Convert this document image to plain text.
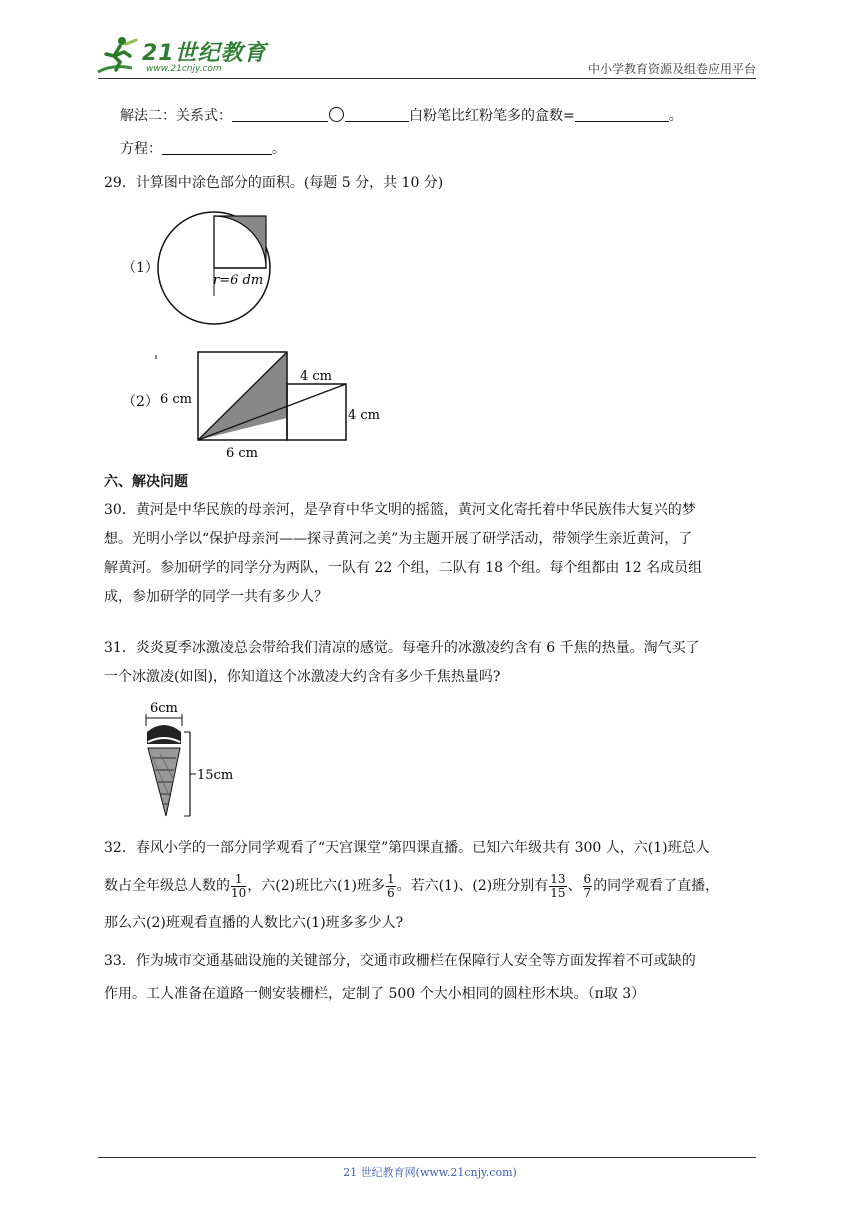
21世纪教育
www.21cnjy.com	中小学教育资源及组卷应用平台
解法二：关系式：	白粉笔比红粉笔多的盒数=	。
方程：	。
29．计算图中涂色部分的面积。(每题 5 分，共 10 分)
（1）
r=6 dm
（2） 6 cm
6 cm
4 cm
4 cm
六、解决问题
30．黄河是中华民族的母亲河，是孕育中华文明的摇篮，黄河文化寄托着中华民族伟大复兴的梦
想。光明小学以“保护母亲河——探寻黄河之美”为主题开展了研学活动，带领学生亲近黄河，了
解黄河。参加研学的同学分为两队，一队有 22 个组，二队有 18 个组。每个组都由 12 名成员组
成，参加研学的同学一共有多少人？
31．炎炎夏季冰激凌总会带给我们清凉的感觉。每毫升的冰激凌约含有 6 千焦的热量。淘气买了
一个冰激凌(如图)，你知道这个冰激凌大约含有多少千焦热量吗?
6cm
15cm
32．春风小学的一部分同学观看了“天宫课堂”第四课直播。已知六年级共有 300 人，六(1)班总人
数占全年级总人数的 $\frac{1}{10}$ ，六(2)班比六(1)班多 $\frac{1}{6}$ 。若六(1)、(2)班分别有 $\frac{13}{15}$ 、 $\frac{6}{7}$ 的同学观看了直播，
那么六(2)班观看直播的人数比六(1)班多多少人?
33．作为城市交通基础设施的关键部分，交通市政栅栏在保障行人安全等方面发挥着不可或缺的
作用。工人准备在道路一侧安装栅栏，定制了 500 个大小相同的圆柱形木块。（π取 3）
21 世纪教育网(www.21cnjy.com)
